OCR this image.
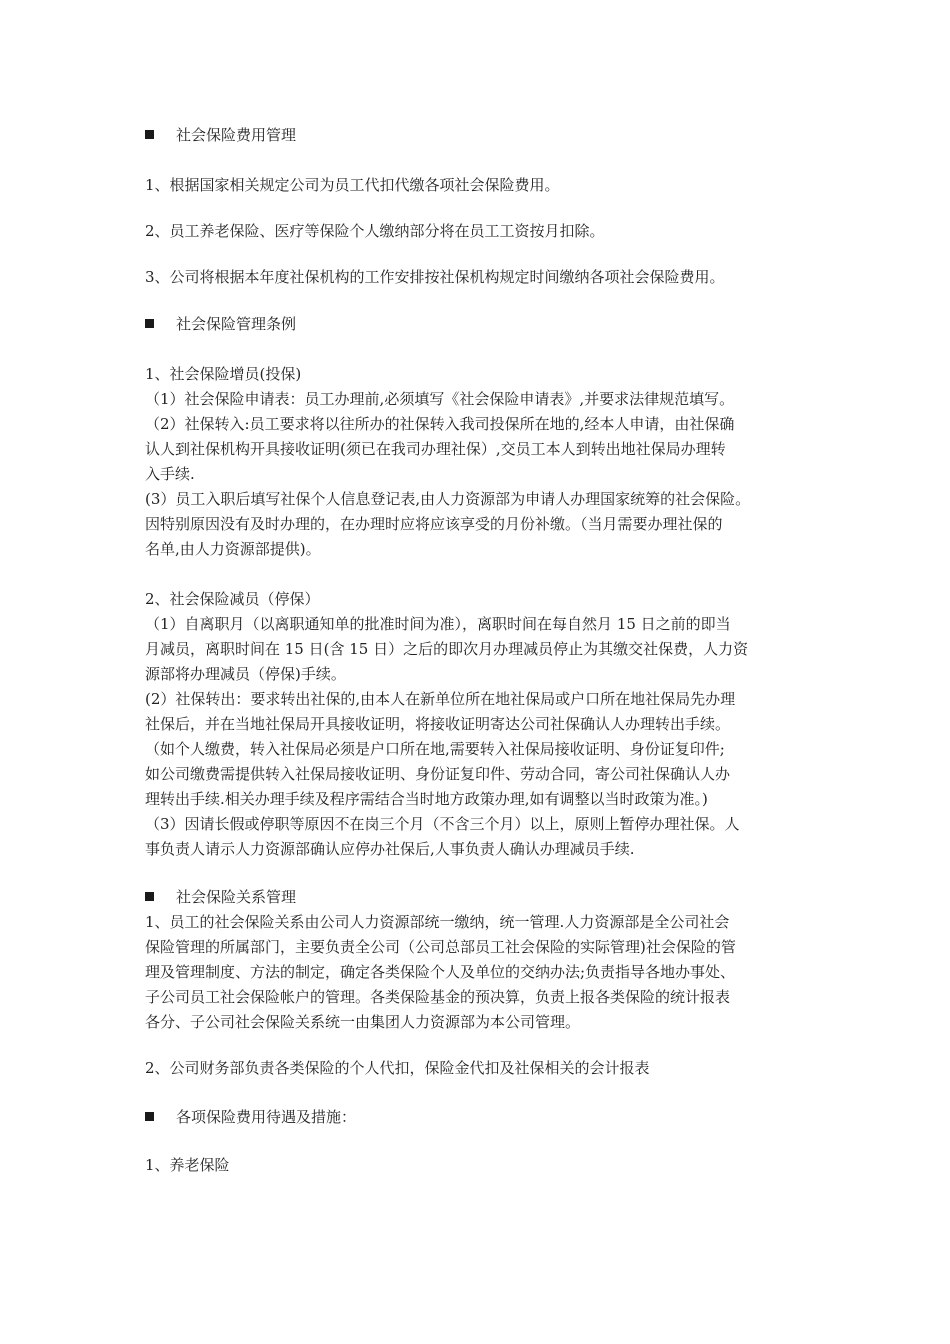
社会保险费用管理
1、根据国家相关规定公司为员工代扣代缴各项社会保险费用。
2、员工养老保险、医疗等保险个人缴纳部分将在员工工资按月扣除。
3、公司将根据本年度社保机构的工作安排按社保机构规定时间缴纳各项社会保险费用。
社会保险管理条例
1、社会保险增员(投保)
（1）社会保险申请表：员工办理前,必须填写《社会保险申请表》,并要求法律规范填写。
（2）社保转入:员工要求将以往所办的社保转入我司投保所在地的,经本人申请，由社保确
认人到社保机构开具接收证明(须已在我司办理社保）,交员工本人到转出地社保局办理转
入手续.
(3）员工入职后填写社保个人信息登记表,由人力资源部为申请人办理国家统筹的社会保险。
因特别原因没有及时办理的，在办理时应将应该享受的月份补缴。（当月需要办理社保的
名单,由人力资源部提供)。
2、社会保险减员（停保）
（1）自离职月（以离职通知单的批准时间为准），离职时间在每自然月 15 日之前的即当
月减员，离职时间在 15 日(含 15 日）之后的即次月办理减员停止为其缴交社保费，人力资
源部将办理减员（停保)手续。
(2）社保转出：要求转出社保的,由本人在新单位所在地社保局或户口所在地社保局先办理
社保后，并在当地社保局开具接收证明，将接收证明寄达公司社保确认人办理转出手续。
（如个人缴费，转入社保局必须是户口所在地,需要转入社保局接收证明、身份证复印件;
如公司缴费需提供转入社保局接收证明、身份证复印件、劳动合同，寄公司社保确认人办
理转出手续.相关办理手续及程序需结合当时地方政策办理,如有调整以当时政策为准。)
（3）因请长假或停职等原因不在岗三个月（不含三个月）以上，原则上暂停办理社保。人
事负责人请示人力资源部确认应停办社保后,人事负责人确认办理减员手续.
社会保险关系管理
1、员工的社会保险关系由公司人力资源部统一缴纳，统一管理.人力资源部是全公司社会
保险管理的所属部门，主要负责全公司（公司总部员工社会保险的实际管理)社会保险的管
理及管理制度、方法的制定，确定各类保险个人及单位的交纳办法;负责指导各地办事处、
子公司员工社会保险帐户的管理。各类保险基金的预决算，负责上报各类保险的统计报表
各分、子公司社会保险关系统一由集团人力资源部为本公司管理。
2、公司财务部负责各类保险的个人代扣，保险金代扣及社保相关的会计报表
各项保险费用待遇及措施：
1、养老保险
